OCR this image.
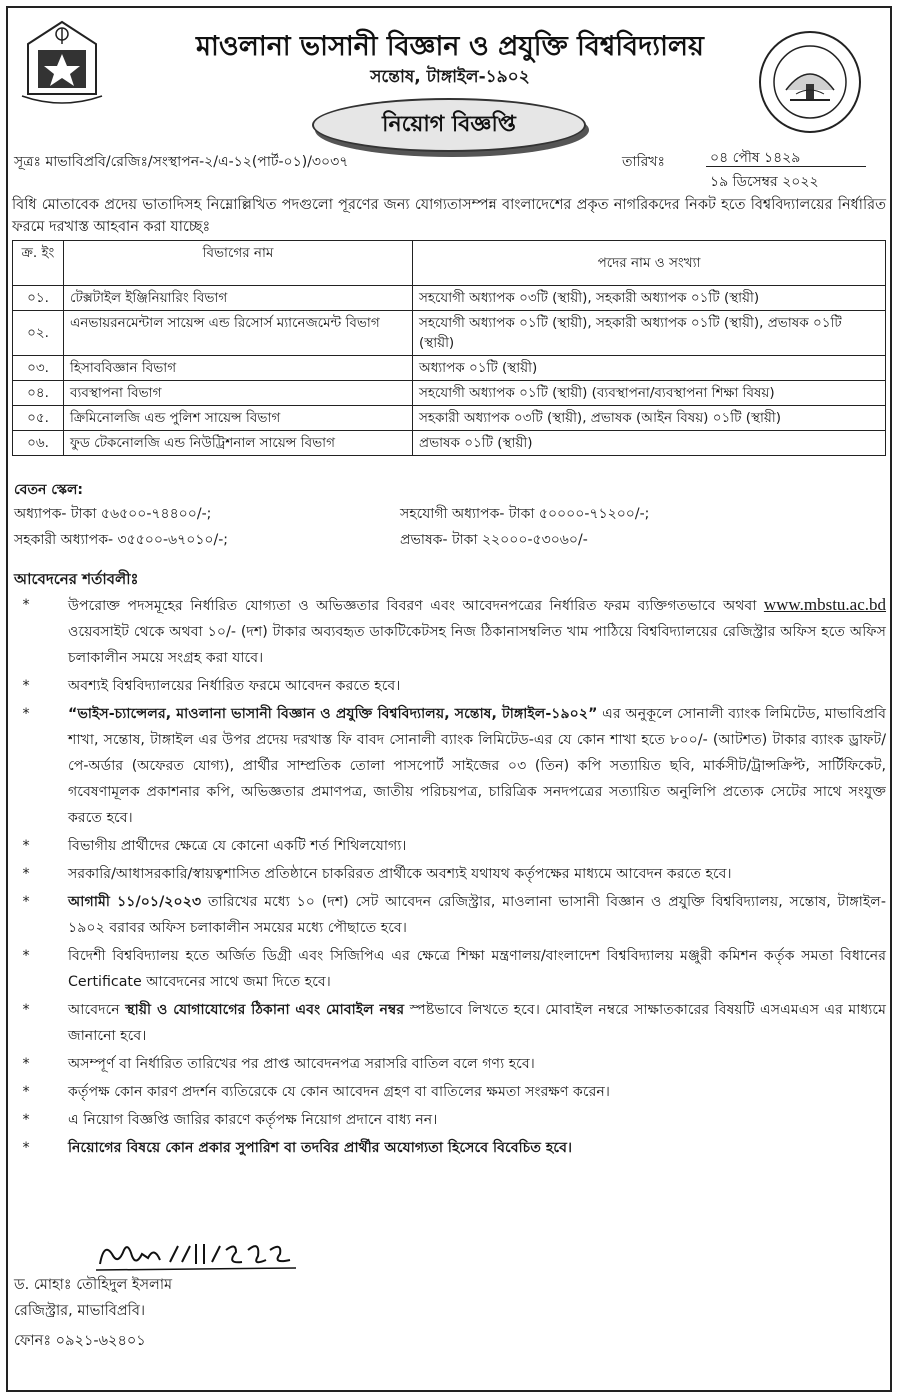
মাওলানা ভাসানী বিজ্ঞান ও প্রযুক্তি বিশ্ববিদ্যালয়
সন্তোষ, টাঙ্গাইল-১৯০২
নিয়োগ বিজ্ঞপ্তি
সূত্রঃ মাভাবিপ্রবি/রেজিঃ/সংস্থাপন-২/এ-১২(পার্ট-০১)/৩০৩৭	তারিখঃ	০৪ পৌষ ১৪২৯
১৯ ডিসেম্বর ২০২২
বিধি মোতাবেক প্রদেয় ভাতাদিসহ নিম্নোল্লিখিত পদগুলো পূরণের জন্য যোগ্যতাসম্পন্ন বাংলাদেশের প্রকৃত নাগরিকদের নিকট হতে বিশ্ববিদ্যালয়ের নির্ধারিত ফরমে দরখাস্ত আহবান করা যাচ্ছেঃ
ক্র. ইং	বিভাগের নাম	পদের নাম ও সংখ্যা
০১.	টেক্সটাইল ইঞ্জিনিয়ারিং বিভাগ	সহযোগী অধ্যাপক ০৩টি (স্থায়ী), সহকারী অধ্যাপক ০১টি (স্থায়ী)
০২.	এনভায়রনমেন্টাল সায়েন্স এন্ড রিসোর্স ম্যানেজমেন্ট বিভাগ	সহযোগী অধ্যাপক ০১টি (স্থায়ী), সহকারী অধ্যাপক ০১টি (স্থায়ী), প্রভাষক ০১টি (স্থায়ী)
০৩.	হিসাববিজ্ঞান বিভাগ	অধ্যাপক ০১টি (স্থায়ী)
০৪.	ব্যবস্থাপনা বিভাগ	সহযোগী অধ্যাপক ০১টি (স্থায়ী) (ব্যবস্থাপনা/ব্যবস্থাপনা শিক্ষা বিষয়)
০৫.	ক্রিমিনোলজি এন্ড পুলিশ সায়েন্স বিভাগ	সহকারী অধ্যাপক ০৩টি (স্থায়ী), প্রভাষক (আইন বিষয়) ০১টি (স্থায়ী)
০৬.	ফুড টেকনোলজি এন্ড নিউট্রিশনাল সায়েন্স বিভাগ	প্রভাষক ০১টি (স্থায়ী)
বেতন স্কেল:
অধ্যাপক- টাকা ৫৬৫০০-৭৪৪০০/-;	সহযোগী অধ্যাপক- টাকা ৫০০০০-৭১২০০/-;
সহকারী অধ্যাপক- ৩৫৫০০-৬৭০১০/-;	প্রভাষক- টাকা ২২০০০-৫৩০৬০/-
আবেদনের শর্তাবলীঃ
*	উপরোক্ত পদসমূহের নির্ধারিত যোগ্যতা ও অভিজ্ঞতার বিবরণ এবং আবেদনপত্রের নির্ধারিত ফরম ব্যক্তিগতভাবে অথবা www.mbstu.ac.bd ওয়েবসাইট থেকে অথবা ১০/- (দশ) টাকার অব্যবহৃত ডাকটিকেটসহ নিজ ঠিকানাসম্বলিত খাম পাঠিয়ে বিশ্ববিদ্যালয়ের রেজিস্ট্রার অফিস হতে অফিস চলাকালীন সময়ে সংগ্রহ করা যাবে।
*	অবশ্যই বিশ্ববিদ্যালয়ের নির্ধারিত ফরমে আবেদন করতে হবে।
*	“ভাইস-চ্যান্সেলর, মাওলানা ভাসানী বিজ্ঞান ও প্রযুক্তি বিশ্ববিদ্যালয়, সন্তোষ, টাঙ্গাইল-১৯০২” এর অনুকূলে সোনালী ব্যাংক লিমিটেড, মাভাবিপ্রবি শাখা, সন্তোষ, টাঙ্গাইল এর উপর প্রদেয় দরখাস্ত ফি বাবদ সোনালী ব্যাংক লিমিটেড-এর যে কোন শাখা হতে ৮০০/- (আটশত) টাকার ব্যাংক ড্রাফট/পে-অর্ডার (অফেরত যোগ্য), প্রার্থীর সাম্প্রতিক তোলা পাসপোর্ট সাইজের ০৩ (তিন) কপি সত্যায়িত ছবি, মার্কসীট/ট্রান্সক্রিপ্ট, সার্টিফিকেট, গবেষণামূলক প্রকাশনার কপি, অভিজ্ঞতার প্রমাণপত্র, জাতীয় পরিচয়পত্র, চারিত্রিক সনদপত্রের সত্যায়িত অনুলিপি প্রত্যেক সেটের সাথে সংযুক্ত করতে হবে।
*	বিভাগীয় প্রার্থীদের ক্ষেত্রে যে কোনো একটি শর্ত শিথিলযোগ্য।
*	সরকারি/আধাসরকারি/স্বায়ত্বশাসিত প্রতিষ্ঠানে চাকরিরত প্রার্থীকে অবশ্যই যথাযথ কর্তৃপক্ষের মাধ্যমে আবেদন করতে হবে।
*	আগামী ১১/০১/২০২৩ তারিখের মধ্যে ১০ (দশ) সেট আবেদন রেজিস্ট্রার, মাওলানা ভাসানী বিজ্ঞান ও প্রযুক্তি বিশ্ববিদ্যালয়, সন্তোষ, টাঙ্গাইল- ১৯০২ বরাবর অফিস চলাকালীন সময়ের মধ্যে পৌছাতে হবে।
*	বিদেশী বিশ্ববিদ্যালয় হতে অর্জিত ডিগ্রী এবং সিজিপিএ এর ক্ষেত্রে শিক্ষা মন্ত্রণালয়/বাংলাদেশ বিশ্ববিদ্যালয় মঞ্জুরী কমিশন কর্তৃক সমতা বিধানের Certificate আবেদনের সাথে জমা দিতে হবে।
*	আবেদনে স্থায়ী ও যোগাযোগের ঠিকানা এবং মোবাইল নম্বর স্পষ্টভাবে লিখতে হবে। মোবাইল নম্বরে সাক্ষাতকারের বিষয়টি এসএমএস এর মাধ্যমে জানানো হবে।
*	অসম্পূর্ণ বা নির্ধারিত তারিখের পর প্রাপ্ত আবেদনপত্র সরাসরি বাতিল বলে গণ্য হবে।
*	কর্তৃপক্ষ কোন কারণ প্রদর্শন ব্যতিরেকে যে কোন আবেদন গ্রহণ বা বাতিলের ক্ষমতা সংরক্ষণ করেন।
*	এ নিয়োগ বিজ্ঞপ্তি জারির কারণে কর্তৃপক্ষ নিয়োগ প্রদানে বাধ্য নন।
*	নিয়োগের বিষয়ে কোন প্রকার সুপারিশ বা তদবির প্রার্থীর অযোগ্যতা হিসেবে বিবেচিত হবে।
ড. মোহাঃ তৌহিদুল ইসলাম
রেজিস্ট্রার, মাভাবিপ্রবি।
ফোনঃ ০৯২১-৬২৪০১
